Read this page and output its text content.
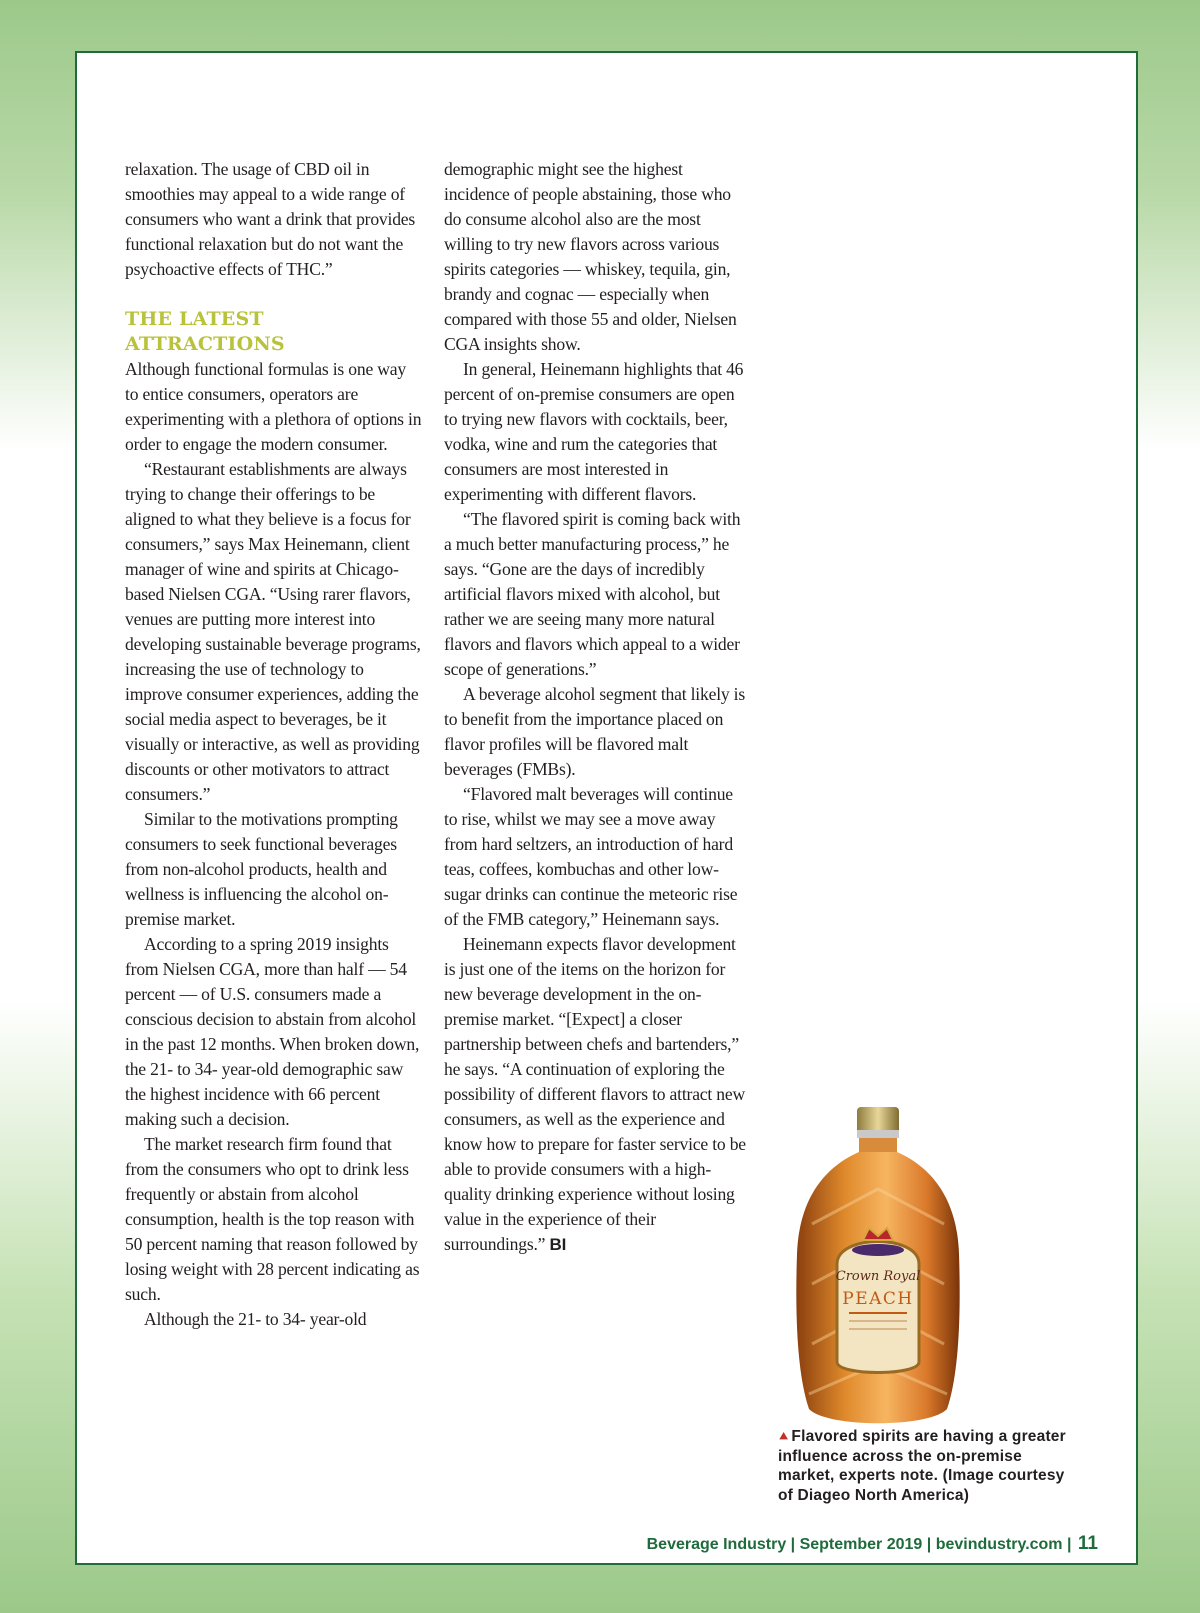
relaxation. The usage of CBD oil in smoothies may appeal to a wide range of consumers who want a drink that provides functional relaxation but do not want the psychoactive effects of THC.”

THE LATEST ATTRACTIONS

Although functional formulas is one way to entice consumers, operators are experimenting with a plethora of options in order to engage the modern consumer.

“Restaurant establishments are always trying to change their offerings to be aligned to what they believe is a focus for consumers,” says Max Heinemann, client manager of wine and spirits at Chicago-based Nielsen CGA. “Using rarer flavors, venues are putting more interest into developing sustainable beverage programs, increasing the use of technology to improve consumer experiences, adding the social media aspect to beverages, be it visually or interactive, as well as providing discounts or other motivators to attract consumers.”

Similar to the motivations prompting consumers to seek functional beverages from non-alcohol products, health and wellness is influencing the alcohol on-premise market.

According to a spring 2019 insights from Nielsen CGA, more than half — 54 percent — of U.S. consumers made a conscious decision to abstain from alcohol in the past 12 months. When broken down, the 21- to 34- year-old demographic saw the highest incidence with 66 percent making such a decision.

The market research firm found that from the consumers who opt to drink less frequently or abstain from alcohol consumption, health is the top reason with 50 percent naming that reason followed by losing weight with 28 percent indicating as such.

Although the 21- to 34- year-old

demographic might see the highest incidence of people abstaining, those who do consume alcohol also are the most willing to try new flavors across various spirits categories — whiskey, tequila, gin, brandy and cognac — especially when compared with those 55 and older, Nielsen CGA insights show.

In general, Heinemann highlights that 46 percent of on-premise consumers are open to trying new flavors with cocktails, beer, vodka, wine and rum the categories that consumers are most interested in experimenting with different flavors.

“The flavored spirit is coming back with a much better manufacturing process,” he says. “Gone are the days of incredibly artificial flavors mixed with alcohol, but rather we are seeing many more natural flavors and flavors which appeal to a wider scope of generations.”

A beverage alcohol segment that likely is to benefit from the importance placed on flavor profiles will be flavored malt beverages (FMBs).

“Flavored malt beverages will continue to rise, whilst we may see a move away from hard seltzers, an introduction of hard teas, coffees, kombuchas and other low-sugar drinks can continue the meteoric rise of the FMB category,” Heinemann says.

Heinemann expects flavor development is just one of the items on the horizon for new beverage development in the on-premise market. “[Expect] a closer partnership between chefs and bartenders,” he says. “A continuation of exploring the possibility of different flavors to attract new consumers, as well as the experience and know how to prepare for faster service to be able to provide consumers with a high-quality drinking experience without losing value in the experience of their surroundings.” BI

Crown Royal
PEACH
⯅ Flavored spirits are having a greater influence across the on-premise market, experts note. (Image courtesy of Diageo North America)
Beverage Industry | September 2019 | bevindustry.com | 11
